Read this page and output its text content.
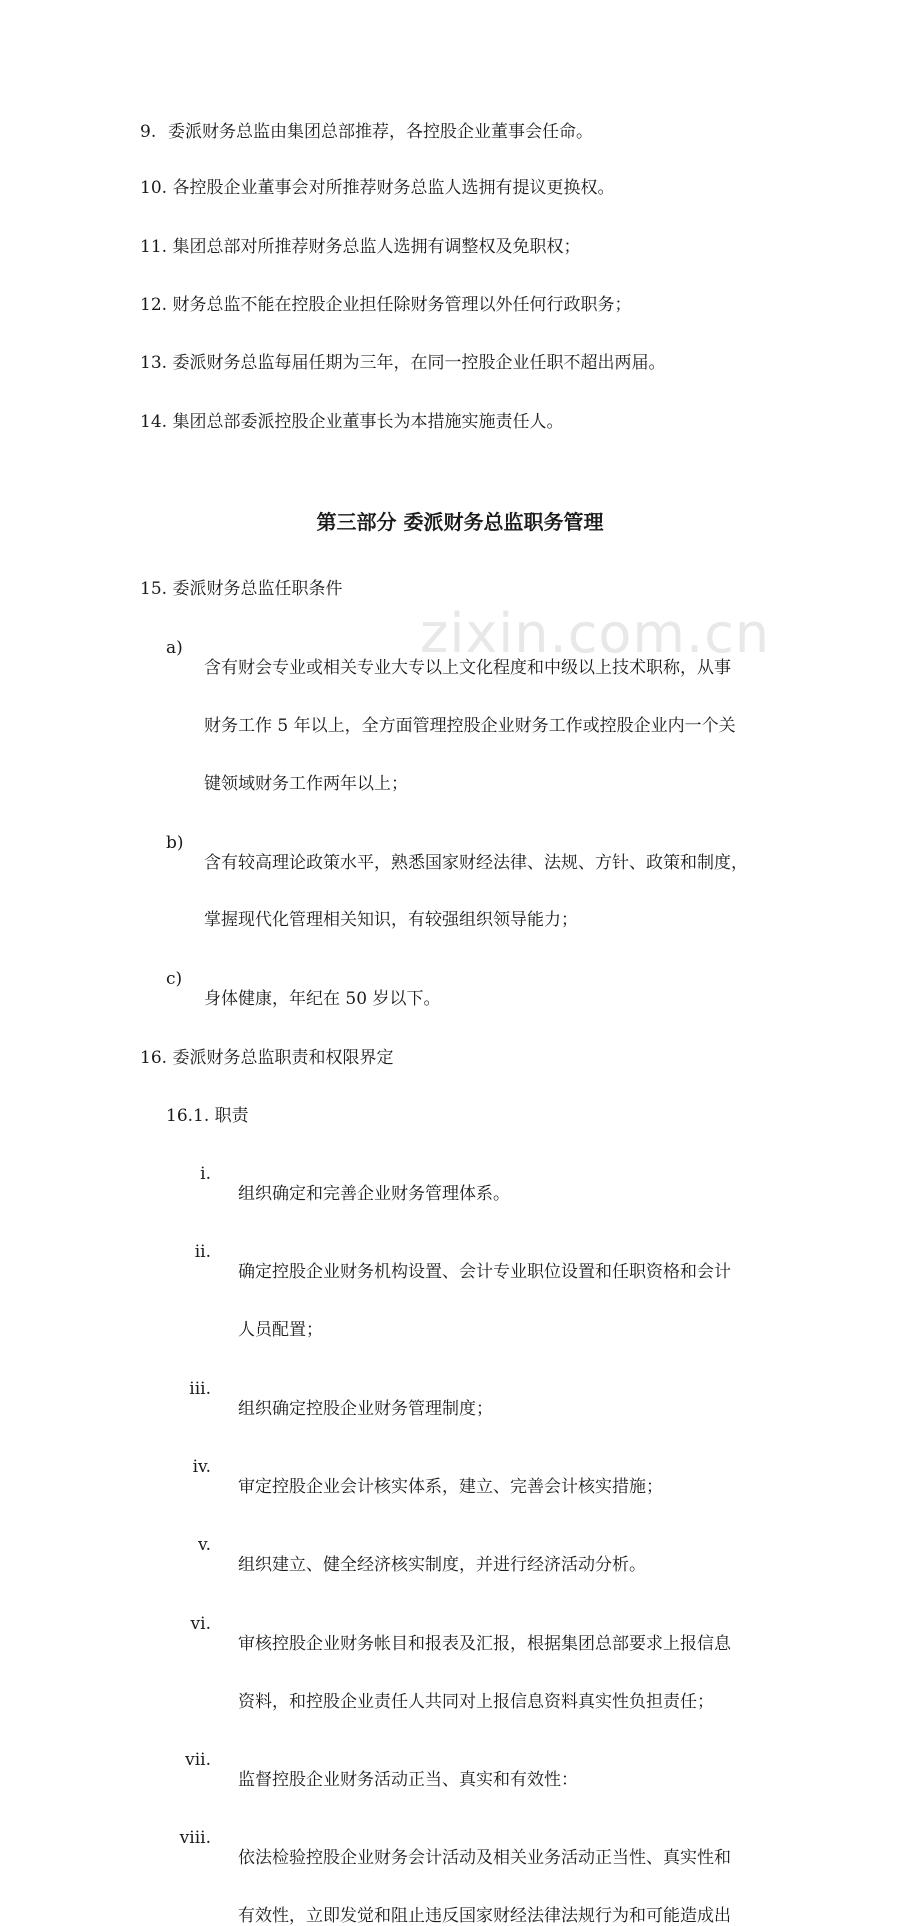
zixin.com.cn
9. 委派财务总监由集团总部推荐，各控股企业董事会任命。
10. 各控股企业董事会对所推荐财务总监人选拥有提议更换权。
11. 集团总部对所推荐财务总监人选拥有调整权及免职权；
12. 财务总监不能在控股企业担任除财务管理以外任何行政职务；
13. 委派财务总监每届任期为三年，在同一控股企业任职不超出两届。
14. 集团总部委派控股企业董事长为本措施实施责任人。
第三部分 委派财务总监职务管理
15. 委派财务总监任职条件
a)
含有财会专业或相关专业大专以上文化程度和中级以上技术职称，从事
财务工作 5 年以上，全方面管理控股企业财务工作或控股企业内一个关
键领域财务工作两年以上；
b)
含有较高理论政策水平，熟悉国家财经法律、法规、方针、政策和制度，
掌握现代化管理相关知识，有较强组织领导能力；
c)
身体健康，年纪在 50 岁以下。
16. 委派财务总监职责和权限界定
16.1. 职责
i.
组织确定和完善企业财务管理体系。
ii.
确定控股企业财务机构设置、会计专业职位设置和任职资格和会计
人员配置；
iii.
组织确定控股企业财务管理制度；
iv.
审定控股企业会计核实体系，建立、完善会计核实措施；
v.
组织建立、健全经济核实制度，并进行经济活动分析。
vi.
审核控股企业财务帐目和报表及汇报，根据集团总部要求上报信息
资料，和控股企业责任人共同对上报信息资料真实性负担责任；
vii.
监督控股企业财务活动正当、真实和有效性：
viii.
依法检验控股企业财务会计活动及相关业务活动正当性、真实性和
有效性，立即发觉和阻止违反国家财经法律法规行为和可能造成出
